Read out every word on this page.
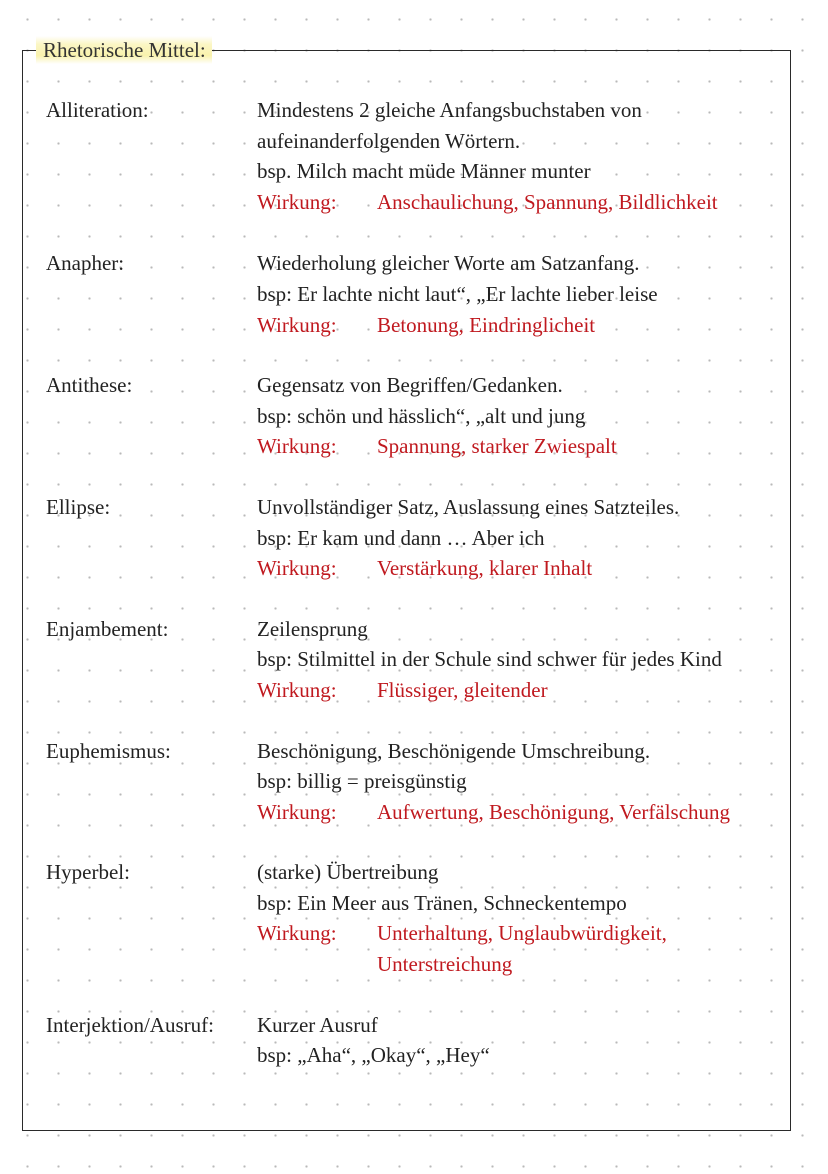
Rhetorische Mittel:
Alliteration:	Mindestens 2 gleiche Anfangsbuchstaben von
aufeinanderfolgenden Wörtern.
bsp. Milch macht müde Männer munter
Wirkung:	Anschaulichung, Spannung, Bildlichkeit
Anapher:	Wiederholung gleicher Worte am Satzanfang.
bsp: Er lachte nicht laut“, „Er lachte lieber leise
Wirkung:	Betonung, Eindringlicheit
Antithese:	Gegensatz von Begriffen/Gedanken.
bsp: schön und hässlich“, „alt und jung
Wirkung:	Spannung, starker Zwiespalt
Ellipse:	Unvollständiger Satz, Auslassung eines Satzteiles.
bsp: Er kam und dann … Aber ich
Wirkung:	Verstärkung, klarer Inhalt
Enjambement:	Zeilensprung
bsp: Stilmittel in der Schule sind schwer für jedes Kind
Wirkung:	Flüssiger, gleitender
Euphemismus:	Beschönigung, Beschönigende Umschreibung.
bsp: billig = preisgünstig
Wirkung:	Aufwertung, Beschönigung, Verfälschung
Hyperbel:	(starke) Übertreibung
bsp: Ein Meer aus Tränen, Schneckentempo
Wirkung:	Unterhaltung, Unglaubwürdigkeit,
Unterstreichung
Interjektion/Ausruf:	Kurzer Ausruf
bsp: „Aha“, „Okay“, „Hey“
